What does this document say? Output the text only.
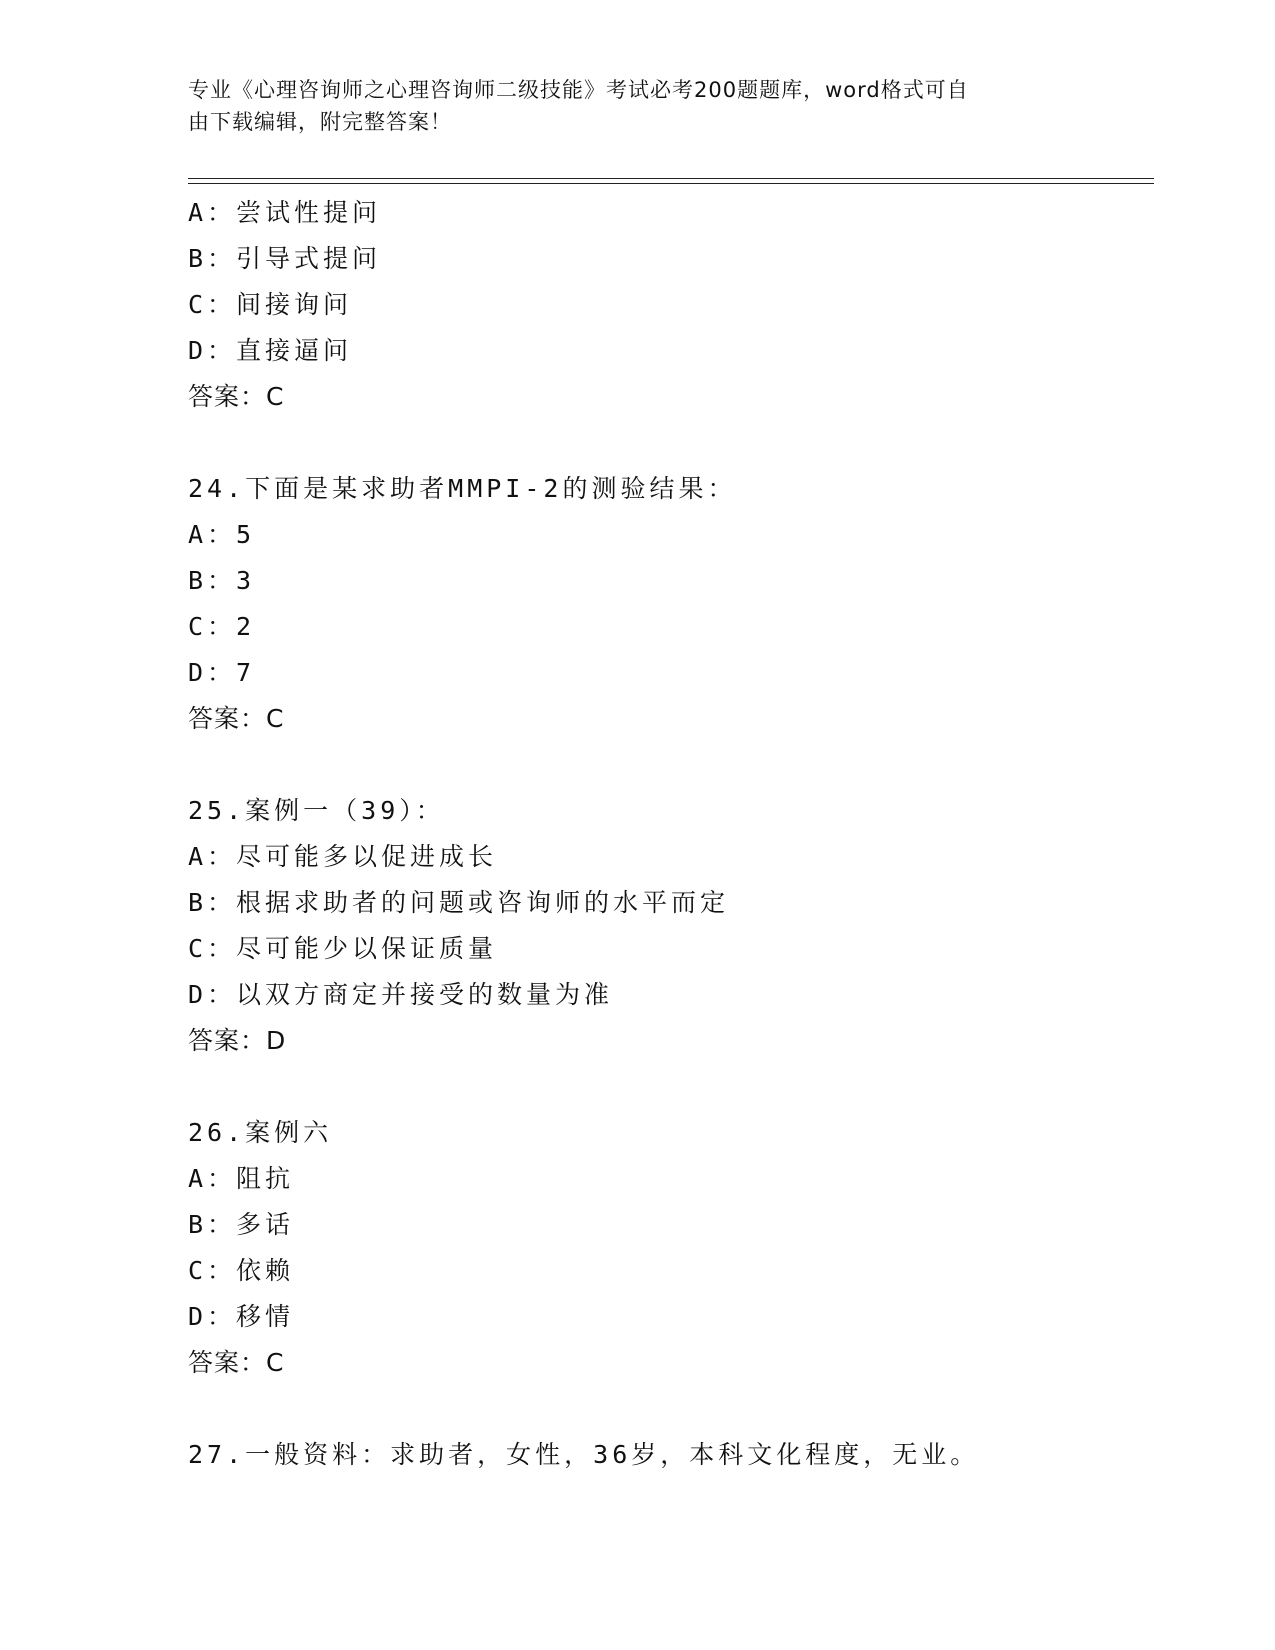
专业《心理咨询师之心理咨询师二级技能》考试必考200题题库，word格式可自
由下载编辑，附完整答案！
A：尝试性提问
B：引导式提问
C：间接询问
D：直接逼问
答案：C
24.下面是某求助者MMPI-2的测验结果：
A：5
B：3
C：2
D：7
答案：C
25.案例一（39）：
A：尽可能多以促进成长
B：根据求助者的问题或咨询师的水平而定
C：尽可能少以保证质量
D：以双方商定并接受的数量为准
答案：D
26.案例六
A：阻抗
B：多话
C：依赖
D：移情
答案：C
27.一般资料：求助者，女性，36岁，本科文化程度，无业。
